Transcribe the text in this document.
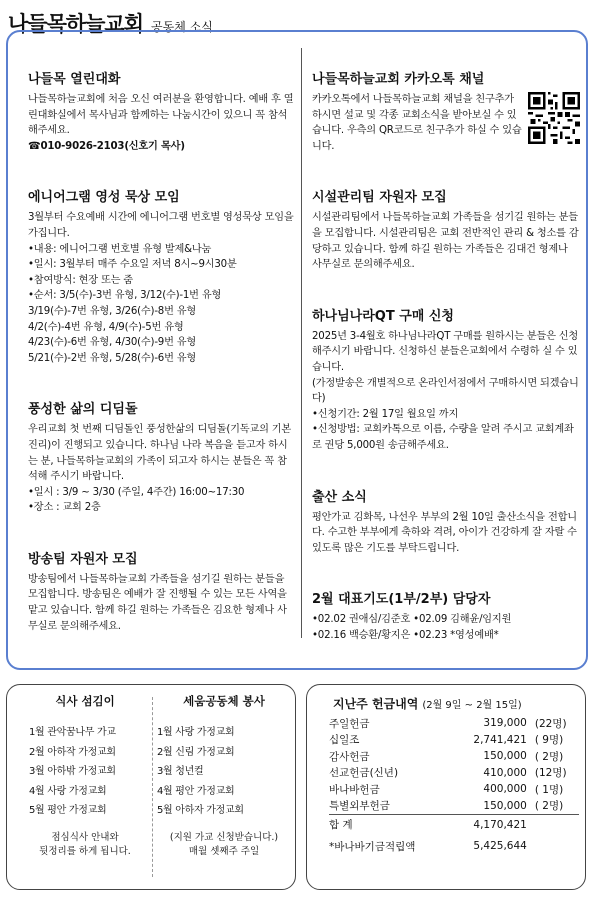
나들목하늘교회 공동체 소식
나들목 열린대화
나들목하늘교회에 처음 오신 여러분을 환영합니다. 예배 후 열린대화실에서 목사님과 함께하는 나눔시간이 있으니 꼭 참석해주세요.
☎010-9026-2103(신호기 목사)
에니어그램 영성 묵상 모임
3월부터 수요예배 시간에 에니어그램 번호별 영성묵상 모임을 가집니다.
•내용: 에니어그램 번호별 유형 발제&나눔
•일시: 3월부터 매주 수요일 저녁 8시~9시30분
•참여방식: 현장 또는 줌
•순서: 3/5(수)-3번 유형, 3/12(수)-1번 유형
3/19(수)-7번 유형, 3/26(수)-8번 유형
4/2(수)-4번 유형, 4/9(수)-5번 유형
4/23(수)-6번 유형, 4/30(수)-9번 유형
5/21(수)-2번 유형, 5/28(수)-6번 유형
풍성한 삶의 디딤돌
우리교회 첫 번째 디딤돌인 풍성한삶의 디딤돌(기독교의 기본진리)이 진행되고 있습니다. 하나님 나라 복음을 듣고자 하시는 분, 나들목하늘교회의 가족이 되고자 하시는 분들은 꼭 참석해 주시기 바랍니다.
•일시 : 3/9 ~ 3/30 (주일, 4주간) 16:00~17:30
•장소 : 교회 2층
방송팀 자원자 모집
방송팀에서 나들목하늘교회 가족들을 섬기길 원하는 분들을 모집합니다. 방송팀은 예배가 잘 진행될 수 있는 모든 사역을 맡고 있습니다. 함께 하길 원하는 가족들은 김요한 형제나 사무실로 문의해주세요.
나들목하늘교회 카카오톡 채널
카카오톡에서 나들목하늘교회 채널을 친구추가 하시면 설교 및 각종 교회소식을 받아보실 수 있습니다. 우측의 QR코드로 친구추가 하실 수 있습니다.
시설관리팀 자원자 모집
시설관리팀에서 나들목하늘교회 가족들을 섬기길 원하는 분들을 모집합니다. 시설관리팀은 교회 전반적인 관리 & 청소를 감당하고 있습니다. 함께 하길 원하는 가족들은 김대건 형제나 사무실로 문의해주세요.
하나님나라QT 구매 신청
2025년 3-4월호 하나님나라QT 구매를 원하시는 분들은 신청해주시기 바랍니다. 신청하신 분들은교회에서 수령하 실 수 있습니다.
(가정발송은 개별적으로 온라인서점에서 구매하시면 되겠습니다)
•신청기간: 2월 17일 월요일 까지
•신청방법: 교회카톡으로 이름, 수량을 알려 주시고 교회계좌로 권당 5,000원 송금해주세요.
출산 소식
평안가교 김화목, 나선우 부부의 2월 10일 출산소식을 전합니다. 수고한 부부에게 축하와 격려, 아이가 건강하게 잘 자랄 수 있도록 많은 기도를 부탁드립니다.
2월 대표기도(1부/2부) 담당자
•02.02 권애심/김준호 •02.09 김해윤/임지원
•02.16 백승환/황지은 •02.23 *영성예배*
식사 섬김이
1월 관악꿈나무 가교
2월 아하작 가정교회
3월 아하밖 가정교회
4월 사랑 가정교회
5월 평안 가정교회
점심식사 안내와
뒷정리를 하게 됩니다.
세움공동체 봉사
1월 사랑 가정교회
2월 신림 가정교회
3월 청년컬
4월 평안 가정교회
5월 아하자 가정교회
(지원 가교 신청받습니다.)
매월 셋째주 주일
지난주 헌금내역 (2월 9일 ~ 2월 15일)
주일헌금	319,000	(22명)
십일조	2,741,421	( 9명)
감사헌금	150,000	( 2명)
선교헌금(신년)	410,000	(12명)
바나바헌금	400,000	( 1명)
특별외부헌금	150,000	( 2명)
합 계	4,170,421	
*바나바기금적립액	5,425,644	
